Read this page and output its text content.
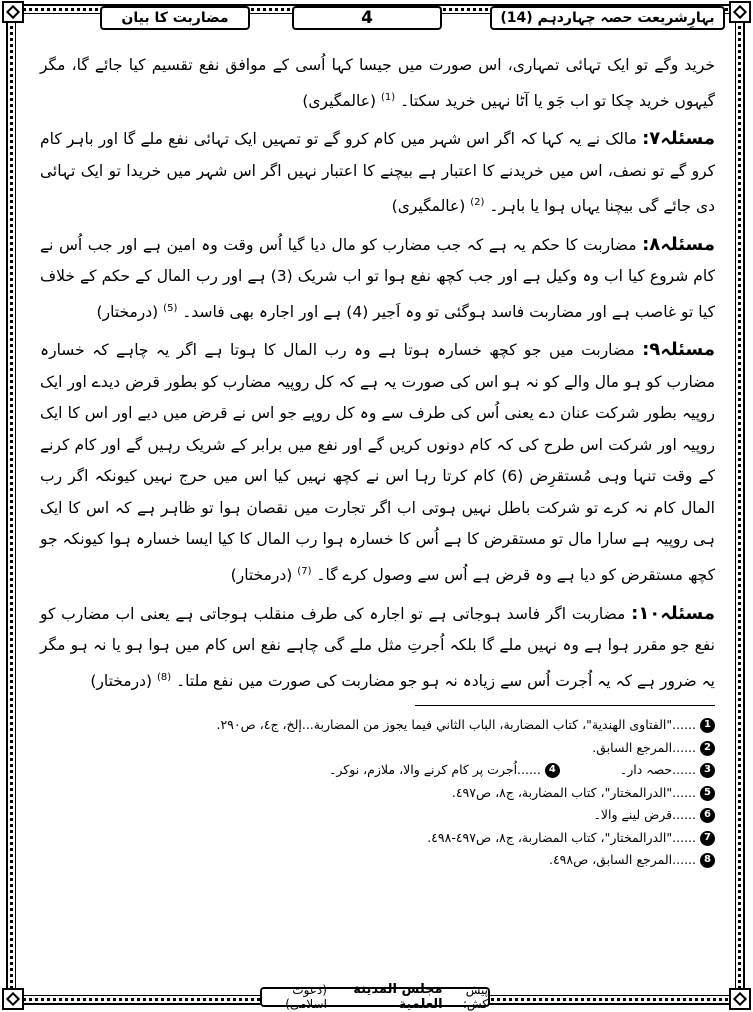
بہارِشریعت حصہ چہاردہم (14)
4
مضاربت کا بیان

خرید وگے تو ایک تہائی تمہاری، اس صورت میں جیسا کہا اُسی کے موافق نفع تقسیم کیا جائے گا، مگر گیہوں خرید چکا تو اب جَو یا آٹا نہیں خرید سکتا۔ $^{(1)}$ (عالمگیری)

مسئلہ۷: مالک نے یہ کہا کہ اگر اس شہر میں کام کرو گے تو تمہیں ایک تہائی نفع ملے گا اور باہر کام کرو گے تو نصف، اس میں خریدنے کا اعتبار ہے بیچنے کا اعتبار نہیں اگر اس شہر میں خریدا تو ایک تہائی دی جائے گی بیچنا یہاں ہوا یا باہر۔ $^{(2)}$ (عالمگیری)

مسئلہ۸: مضاربت کا حکم یہ ہے کہ جب مضارب کو مال دیا گیا اُس وقت وہ امین ہے اور جب اُس نے کام شروع کیا اب وہ وکیل ہے اور جب کچھ نفع ہوا تو اب شریک (3) ہے اور رب المال کے حکم کے خلاف کیا تو غاصب ہے اور مضاربت فاسد ہوگئی تو وہ اَجیر (4) ہے اور اجارہ بھی فاسد۔ $^{(5)}$ (درمختار)

مسئلہ۹: مضاربت میں جو کچھ خسارہ ہوتا ہے وہ رب المال کا ہوتا ہے اگر یہ چاہے کہ خسارہ مضارب کو ہو مال والے کو نہ ہو اس کی صورت یہ ہے کہ کل روپیہ مضارب کو بطور قرض دیدے اور ایک روپیہ بطور شرکت عنان دے یعنی اُس کی طرف سے وہ کل روپے جو اس نے قرض میں دیے اور اس کا ایک روپیہ اور شرکت اس طرح کی کہ کام دونوں کریں گے اور نفع میں برابر کے شریک رہیں گے اور کام کرنے کے وقت تنہا وہی مُستقرِض (6) کام کرتا رہا اس نے کچھ نہیں کیا اس میں حرج نہیں کیونکہ اگر رب المال کام نہ کرے تو شرکت باطل نہیں ہوتی اب اگر تجارت میں نقصان ہوا تو ظاہر ہے کہ اس کا ایک ہی روپیہ ہے سارا مال تو مستقرض کا ہے اُس کا خسارہ ہوا رب المال کا کیا ایسا خسارہ ہوا کیونکہ جو کچھ مستقرض کو دیا ہے وہ قرض ہے اُس سے وصول کرے گا۔ $^{(7)}$ (درمختار)

مسئلہ۱۰: مضاربت اگر فاسد ہوجاتی ہے تو اجارہ کی طرف منقلب ہوجاتی ہے یعنی اب مضارب کو نفع جو مقرر ہوا ہے وہ نہیں ملے گا بلکہ اُجرتِ مثل ملے گی چاہے نفع اس کام میں ہوا ہو یا نہ ہو مگر یہ ضرور ہے کہ یہ اُجرت اُس سے زیادہ نہ ہو جو مضاربت کی صورت میں نفع ملتا۔ $^{(8)}$ (درمختار)

1
......"الفتاوى الهندية"، كتاب المضاربة، الباب الثاني فيما يجوز من المضاربة...إلخ، ج٤، ص٢٩٠.
2
......المرجع السابق.
3
......حصہ دار۔
4
......اُجرت پر کام کرنے والا، ملازم، نوکر۔
5
......"الدرالمختار"، كتاب المضاربة، ج٨، ص٤٩٧.
6
......قرض لینے والا۔
7
......"الدرالمختار"، كتاب المضاربة، ج٨، ص٤٩٧-٤٩٨.
8
......المرجع السابق، ص٤٩٨.
پیش کش:
مجلس المدينة العلمية
(دعوت اسلامی)
